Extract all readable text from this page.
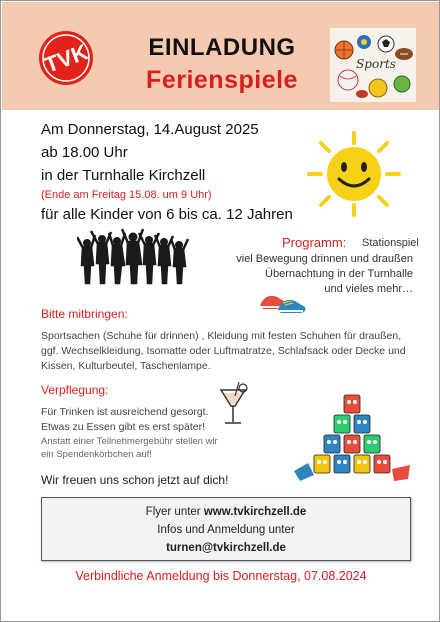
TVK	EINLADUNG
Ferienspiele
Sports
Am Donnerstag, 14.August 2025
ab 18.00 Uhr
in der Turnhalle Kirchzell
(Ende am Freitag 15.08. um 9 Uhr)
für alle Kinder von 6 bis ca. 12 Jahren
Programm: Stationspiel
viel Bewegung drinnen und draußen
Übernachtung in der Turnhalle
und vieles mehr…
Bitte mitbringen:
Sportsachen (Schuhe für drinnen) , Kleidung mit festen Schuhen für draußen,
ggf. Wechselkleidung, Isomatte oder Luftmatratze, Schlafsack oder Decke und
Kissen, Kulturbeutel, Taschenlampe.
Verpflegung:
Für Trinken ist ausreichend gesorgt.
Etwas zu Essen gibt es erst später!
Anstatt einer Teilnehmergebühr stellen wir
ein Spendenkörbchen auf!
Wir freuen uns schon jetzt auf dich!
Flyer unter www.tvkirchzell.de
Infos und Anmeldung unter
turnen@tvkirchzell.de
Verbindliche Anmeldung bis Donnerstag, 07.08.2024
